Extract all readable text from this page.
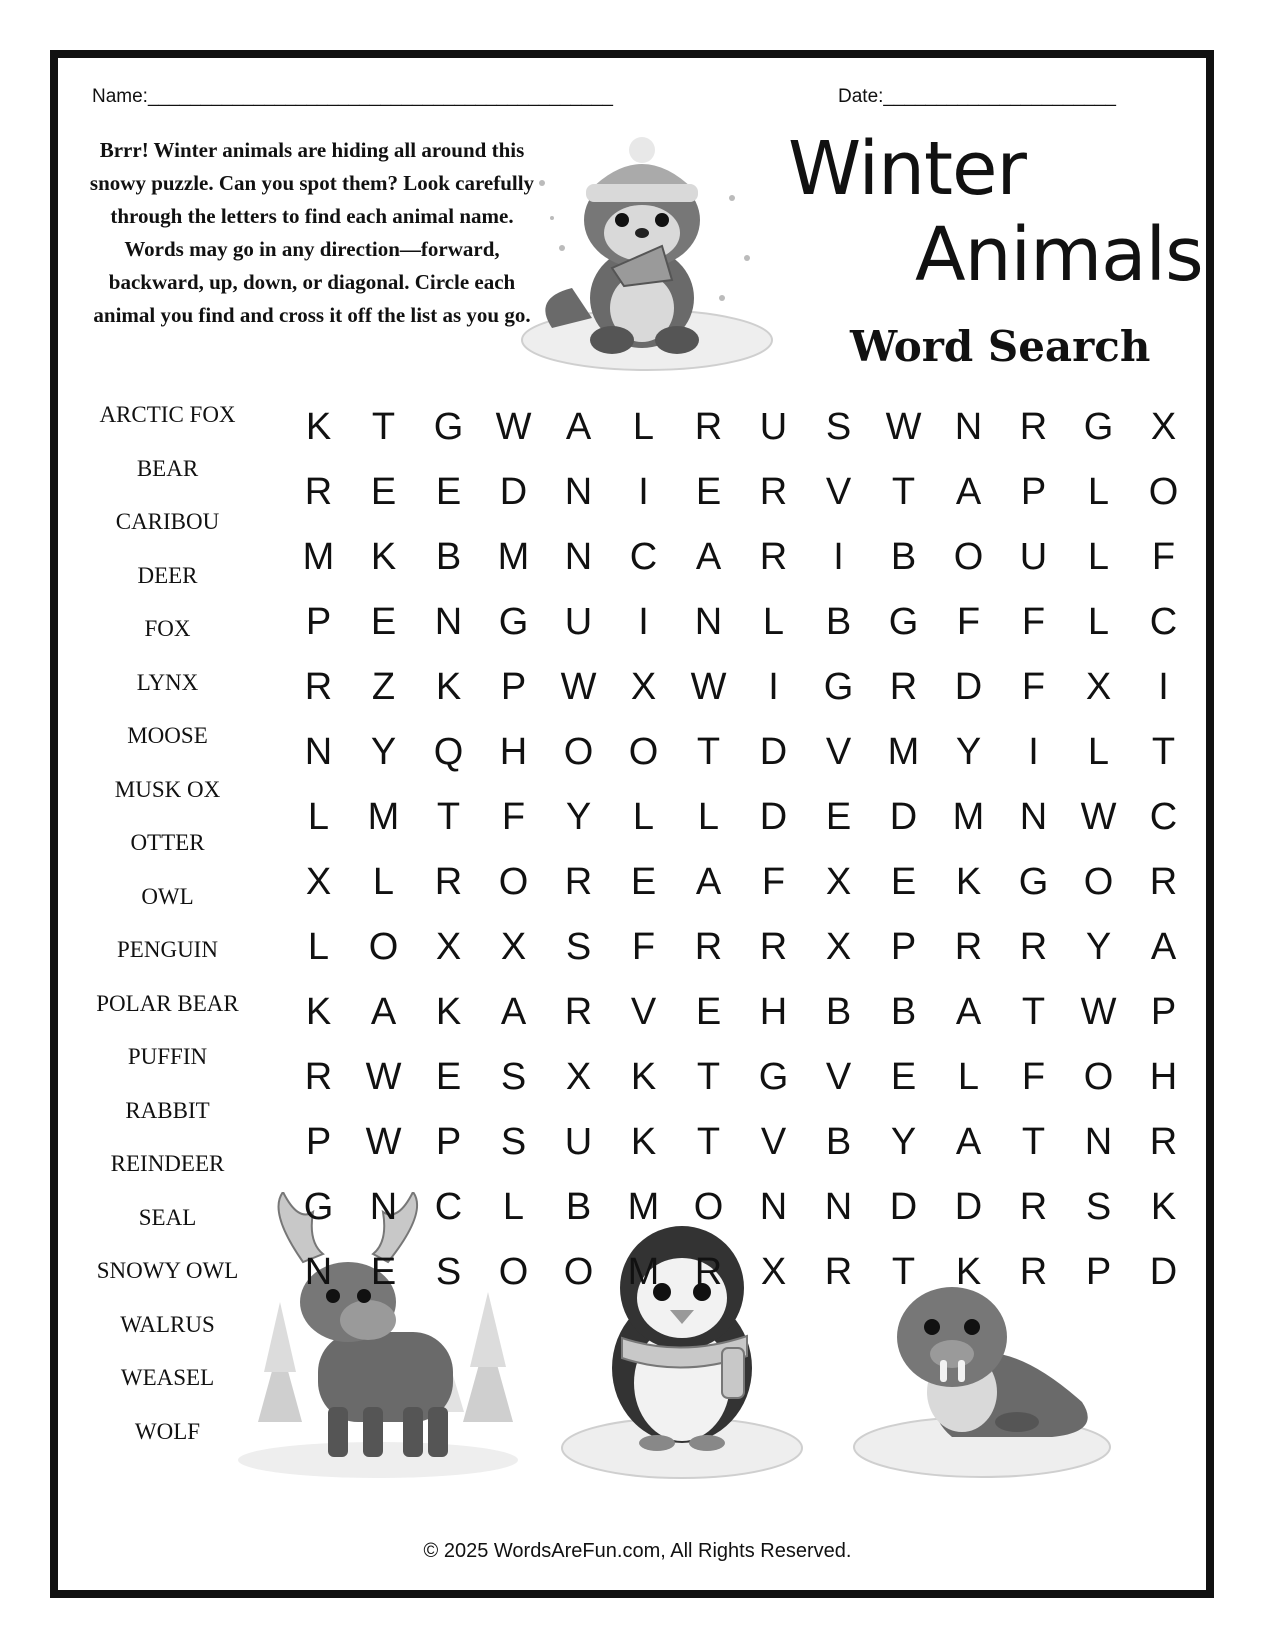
Name:____________________________________________	Date:______________________
Brrr! Winter animals are hiding all around this snowy puzzle. Can you spot them? Look carefully through the letters to find each animal name. Words may go in any direction—forward, backward, up, down, or diagonal. Circle each animal you find and cross it off the list as you go.
Winter
Animals
Word Search
ARCTIC FOX
BEAR
CARIBOU
DEER
FOX
LYNX
MOOSE
MUSK OX
OTTER
OWL
PENGUIN
POLAR BEAR
PUFFIN
RABBIT
REINDEER
SEAL
SNOWY OWL
WALRUS
WEASEL
WOLF
K	T	G W A	L	R U	S W N R G X
R	E	E	D N	I	E	R	V	T	A	P	L	O
M K	B M N C	A	R	I	B O U	L	F
P	E	N G U	I	N	L	B G	F	F	L	C
R	Z	K	P W X W	I	G R D	F	X	I
N	Y Q H O O	T	D	V M Y	I	L	T
L	M T	F	Y	L	L	D	E	D M N W C
X	L	R O R	E	A	F	X	E	K G O R
L	O X	X	S	F	R R	X	P	R R	Y	A
K	A	K	A	R	V	E	H	B	B	A	T W P
R W E	S	X	K	T	G V	E	L	F	O H
P W P	S	U	K	T	V	B	Y	A	T	N R
G N C	L	B M O N N D D R	S	K
N	E	S O O M R	X	R	T	K	R	P	D
© 2025 WordsAreFun.com, All Rights Reserved.
